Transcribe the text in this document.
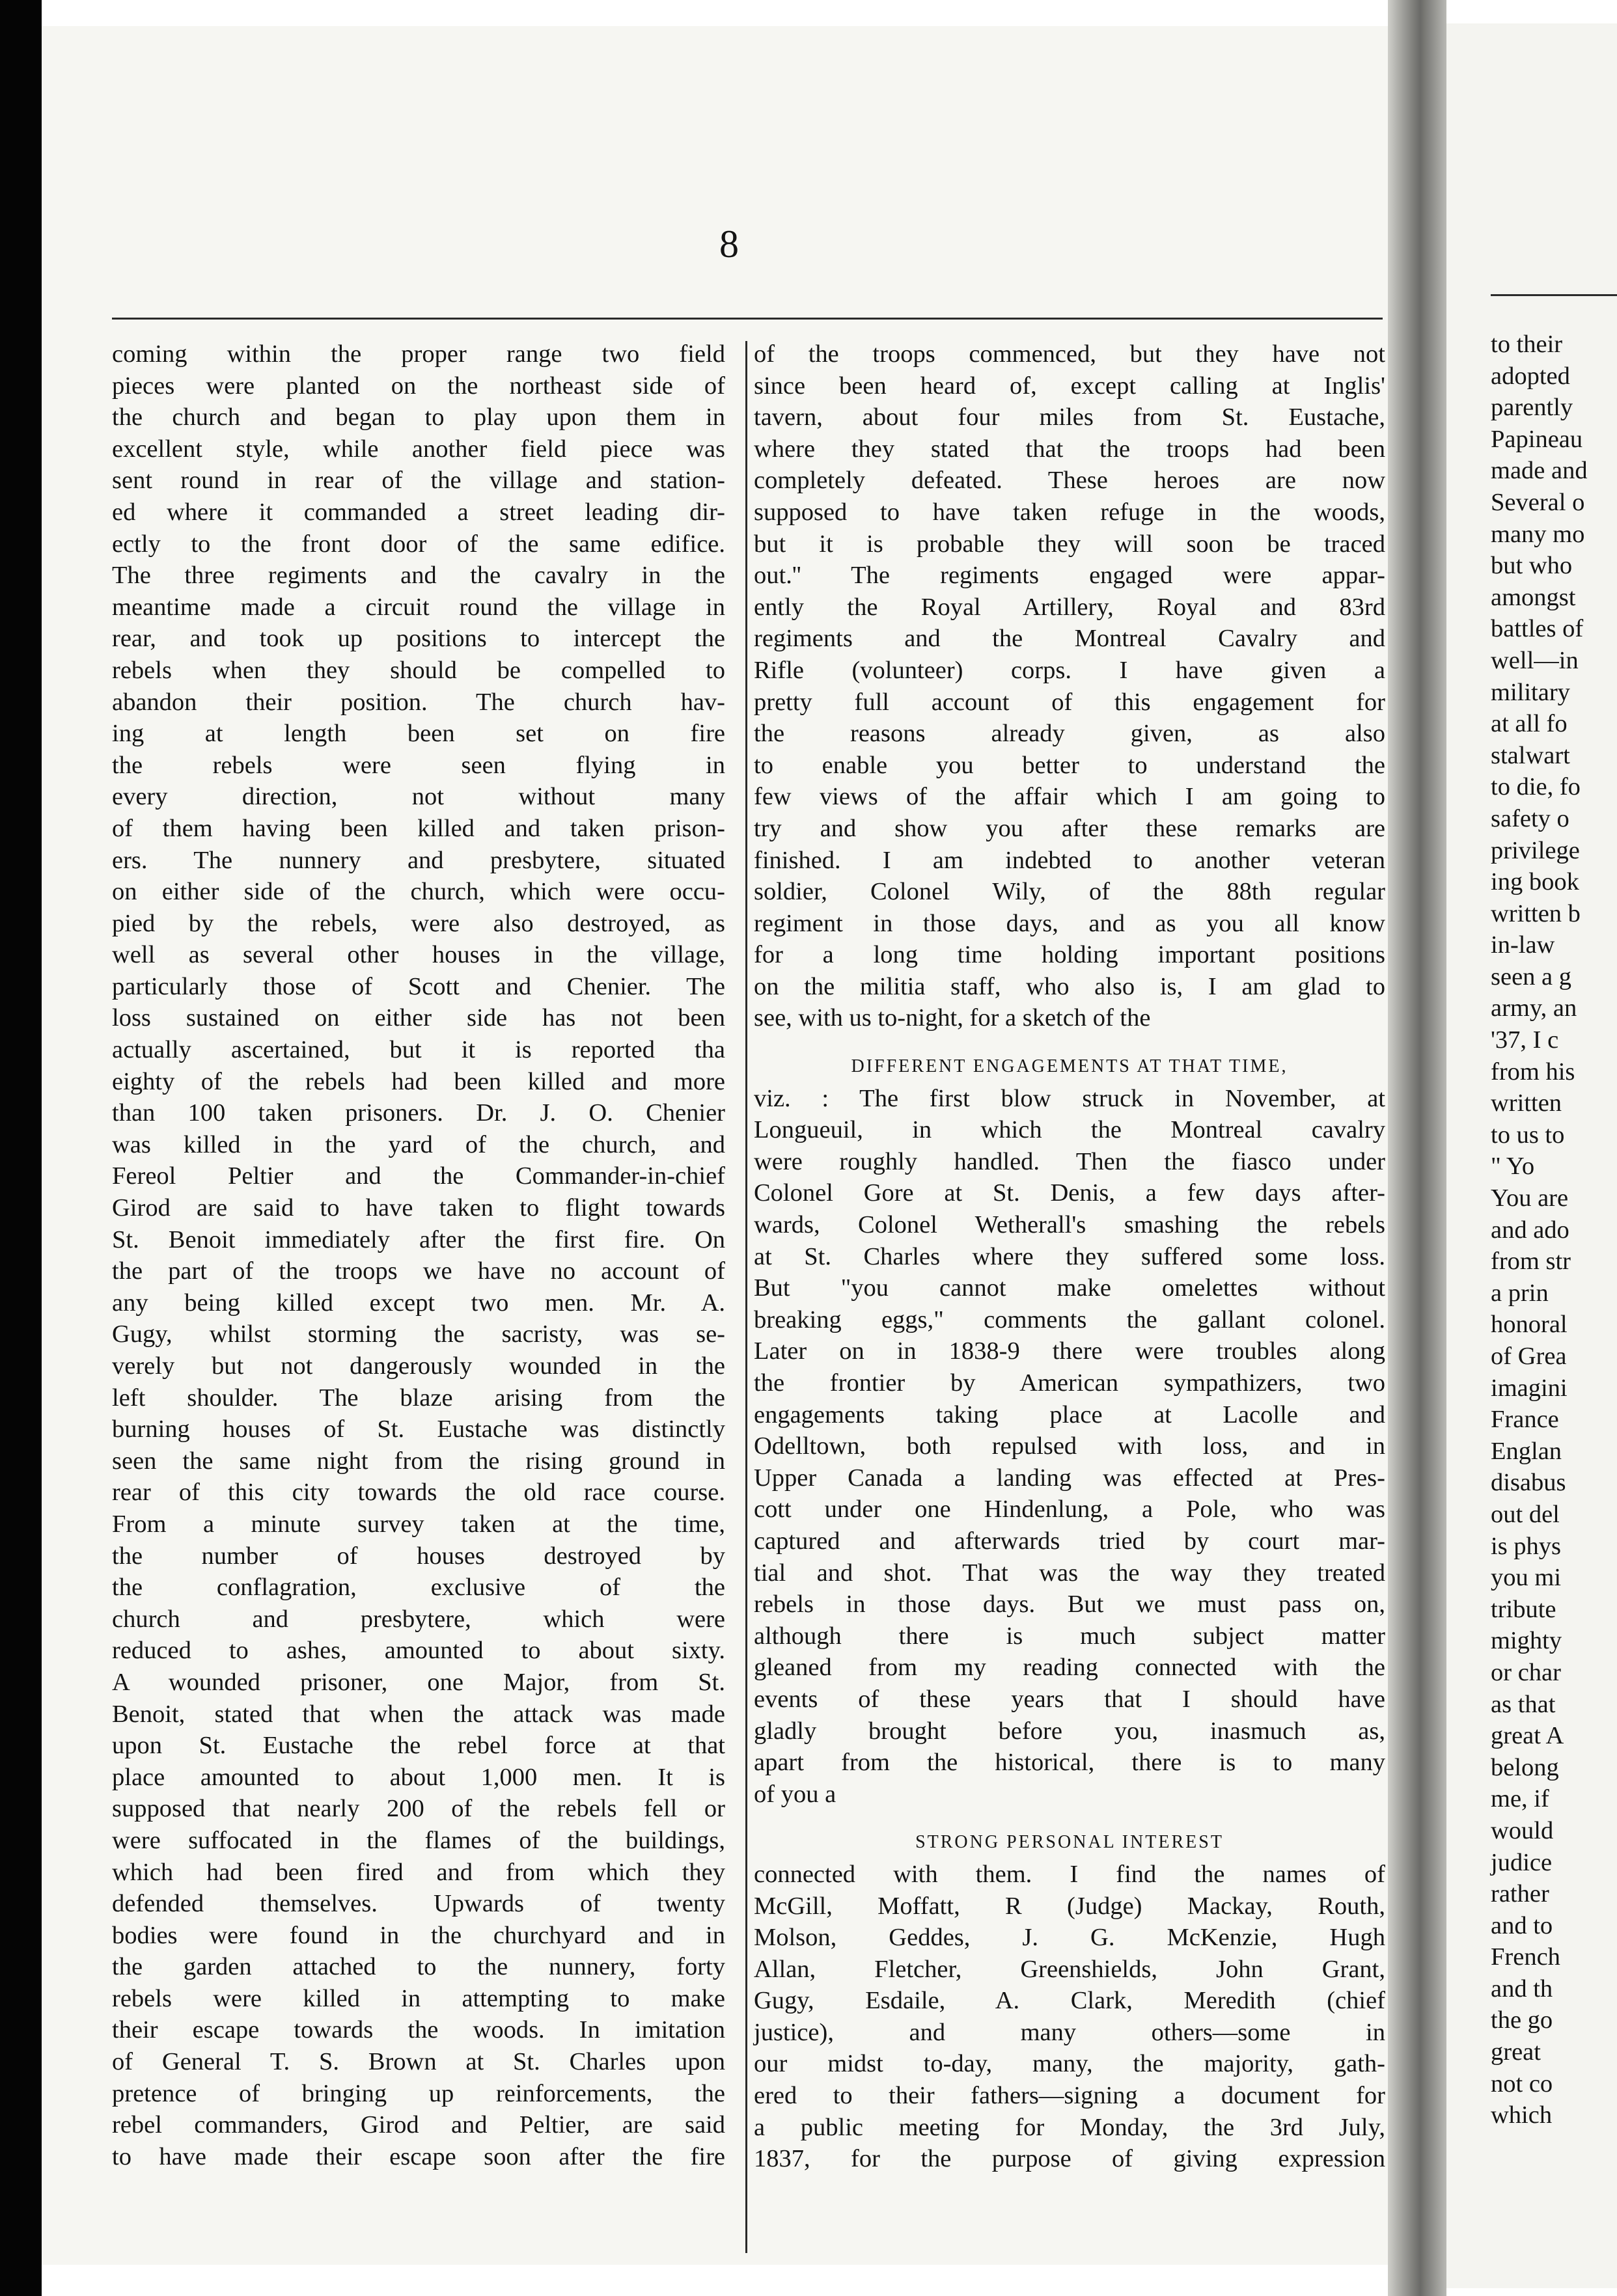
8
coming within the proper range two field
pieces were planted on the northeast side of
the church and began to play upon them in
excellent style, while another field piece was
sent round in rear of the village and station-
ed where it commanded a street leading dir-
ectly to the front door of the same edifice.
The three regiments and the cavalry in the
meantime made a circuit round the village in
rear, and took up positions to intercept the
rebels when they should be compelled to
abandon their position. The church hav-
ing at length been set on fire
the rebels were seen flying in
every direction, not without many
of them having been killed and taken prison-
ers. The nunnery and presbytere, situated
on either side of the church, which were occu-
pied by the rebels, were also destroyed, as
well as several other houses in the village,
particularly those of Scott and Chenier. The
loss sustained on either side has not been
actually ascertained, but it is reported tha
eighty of the rebels had been killed and more
than 100 taken prisoners. Dr. J. O. Chenier
was killed in the yard of the church, and
Fereol Peltier and the Commander-in-chief
Girod are said to have taken to flight towards
St. Benoit immediately after the first fire. On
the part of the troops we have no account of
any being killed except two men. Mr. A.
Gugy, whilst storming the sacristy, was se-
verely but not dangerously wounded in the
left shoulder. The blaze arising from the
burning houses of St. Eustache was distinctly
seen the same night from the rising ground in
rear of this city towards the old race course.
From a minute survey taken at the time,
the number of houses destroyed by
the conflagration, exclusive of the
church and presbytere, which were
reduced to ashes, amounted to about sixty.
A wounded prisoner, one Major, from St.
Benoit, stated that when the attack was made
upon St. Eustache the rebel force at that
place amounted to about 1,000 men. It is
supposed that nearly 200 of the rebels fell or
were suffocated in the flames of the buildings,
which had been fired and from which they
defended themselves. Upwards of twenty
bodies were found in the churchyard and in
the garden attached to the nunnery, forty
rebels were killed in attempting to make
their escape towards the woods. In imitation
of General T. S. Brown at St. Charles upon
pretence of bringing up reinforcements, the
rebel commanders, Girod and Peltier, are said
to have made their escape soon after the fire
of the troops commenced, but they have not
since been heard of, except calling at Inglis'
tavern, about four miles from St. Eustache,
where they stated that the troops had been
completely defeated. These heroes are now
supposed to have taken refuge in the woods,
but it is probable they will soon be traced
out.'' The regiments engaged were appar-
ently the Royal Artillery, Royal and 83rd
regiments and the Montreal Cavalry and
Rifle (volunteer) corps. I have given a
pretty full account of this engagement for
the reasons already given, as also
to enable you better to understand the
few views of the affair which I am going to
try and show you after these remarks are
finished. I am indebted to another veteran
soldier, Colonel Wily, of the 88th regular
regiment in those days, and as you all know
for a long time holding important positions
on the militia staff, who also is, I am glad to
see, with us to-night, for a sketch of the
DIFFERENT ENGAGEMENTS AT THAT TIME,
viz. : The first blow struck in November, at
Longueuil, in which the Montreal cavalry
were roughly handled. Then the fiasco under
Colonel Gore at St. Denis, a few days after-
wards, Colonel Wetherall's smashing the rebels
at St. Charles where they suffered some loss.
But "you cannot make omelettes without
breaking eggs," comments the gallant colonel.
Later on in 1838-9 there were troubles along
the frontier by American sympathizers, two
engagements taking place at Lacolle and
Odelltown, both repulsed with loss, and in
Upper Canada a landing was effected at Pres-
cott under one Hindenlung, a Pole, who was
captured and afterwards tried by court mar-
tial and shot. That was the way they treated
rebels in those days. But we must pass on,
although there is much subject matter
gleaned from my reading connected with the
events of these years that I should have
gladly brought before you, inasmuch as,
apart from the historical, there is to many
of you a
STRONG PERSONAL INTEREST
connected with them. I find the names of
McGill, Moffatt, R (Judge) Mackay, Routh,
Molson, Geddes, J. G. McKenzie, Hugh
Allan, Fletcher, Greenshields, John Grant,
Gugy, Esdaile, A. Clark, Meredith (chief
justice), and many others—some in
our midst to-day, many, the majority, gath-
ered to their fathers—signing a document for
a public meeting for Monday, the 3rd July,
1837, for the purpose of giving expression
to their
adopted
parently
Papineau
made and
Several o
many mo
but who
amongst
battles of
well—in
military
at all fo
stalwart
to die, fo
safety o
privilege
ing book
written b
in-law
seen a g
army, an
'37, I c
from his
written
to us to
" Yo
You are
and ado
from str
a prin
honoral
of Grea
imagini
France
Englan
disabus
out del
is phys
you mi
tribute
mighty
or char
as that
great A
belong
me, if
would
judice
rather
and to
French
and th
the go
great
not co
which
